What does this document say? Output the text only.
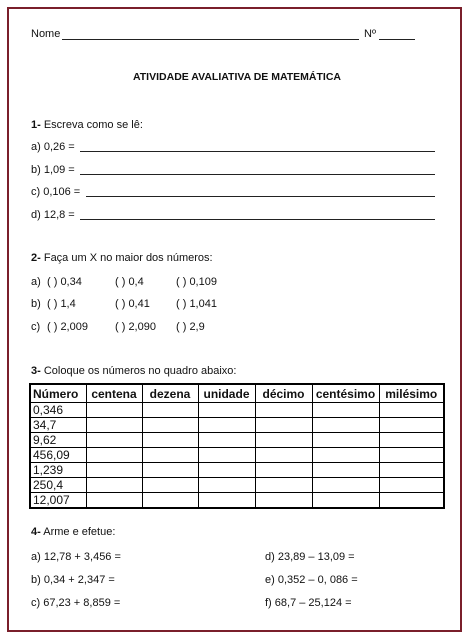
Nome	Nº
ATIVIDADE AVALIATIVA DE MATEMÁTICA
1- Escreva como se lê:
a) 0,26 =
b) 1,09 =
c) 0,106 =
d) 12,8 =
2- Faça um X no maior dos números:
a) ( ) 0,34	( ) 0,4	( ) 0,109
b) ( ) 1,4	( ) 0,41 ( ) 1,041
c) ( ) 2,009 ( ) 2,090 ( ) 2,9
3- Coloque os números no quadro abaixo:
Número	centena	dezena	unidade	décimo	centésimo	milésimo
0,346						
34,7						
9,62						
456,09						
1,239						
250,4						
12,007						
4- Arme e efetue:
a) 12,78 + 3,456 =
b) 0,34 + 2,347 =
c) 67,23 + 8,859 =
d) 23,89 – 13,09 =
e) 0,352 – 0, 086 =
f) 68,7 – 25,124 =
